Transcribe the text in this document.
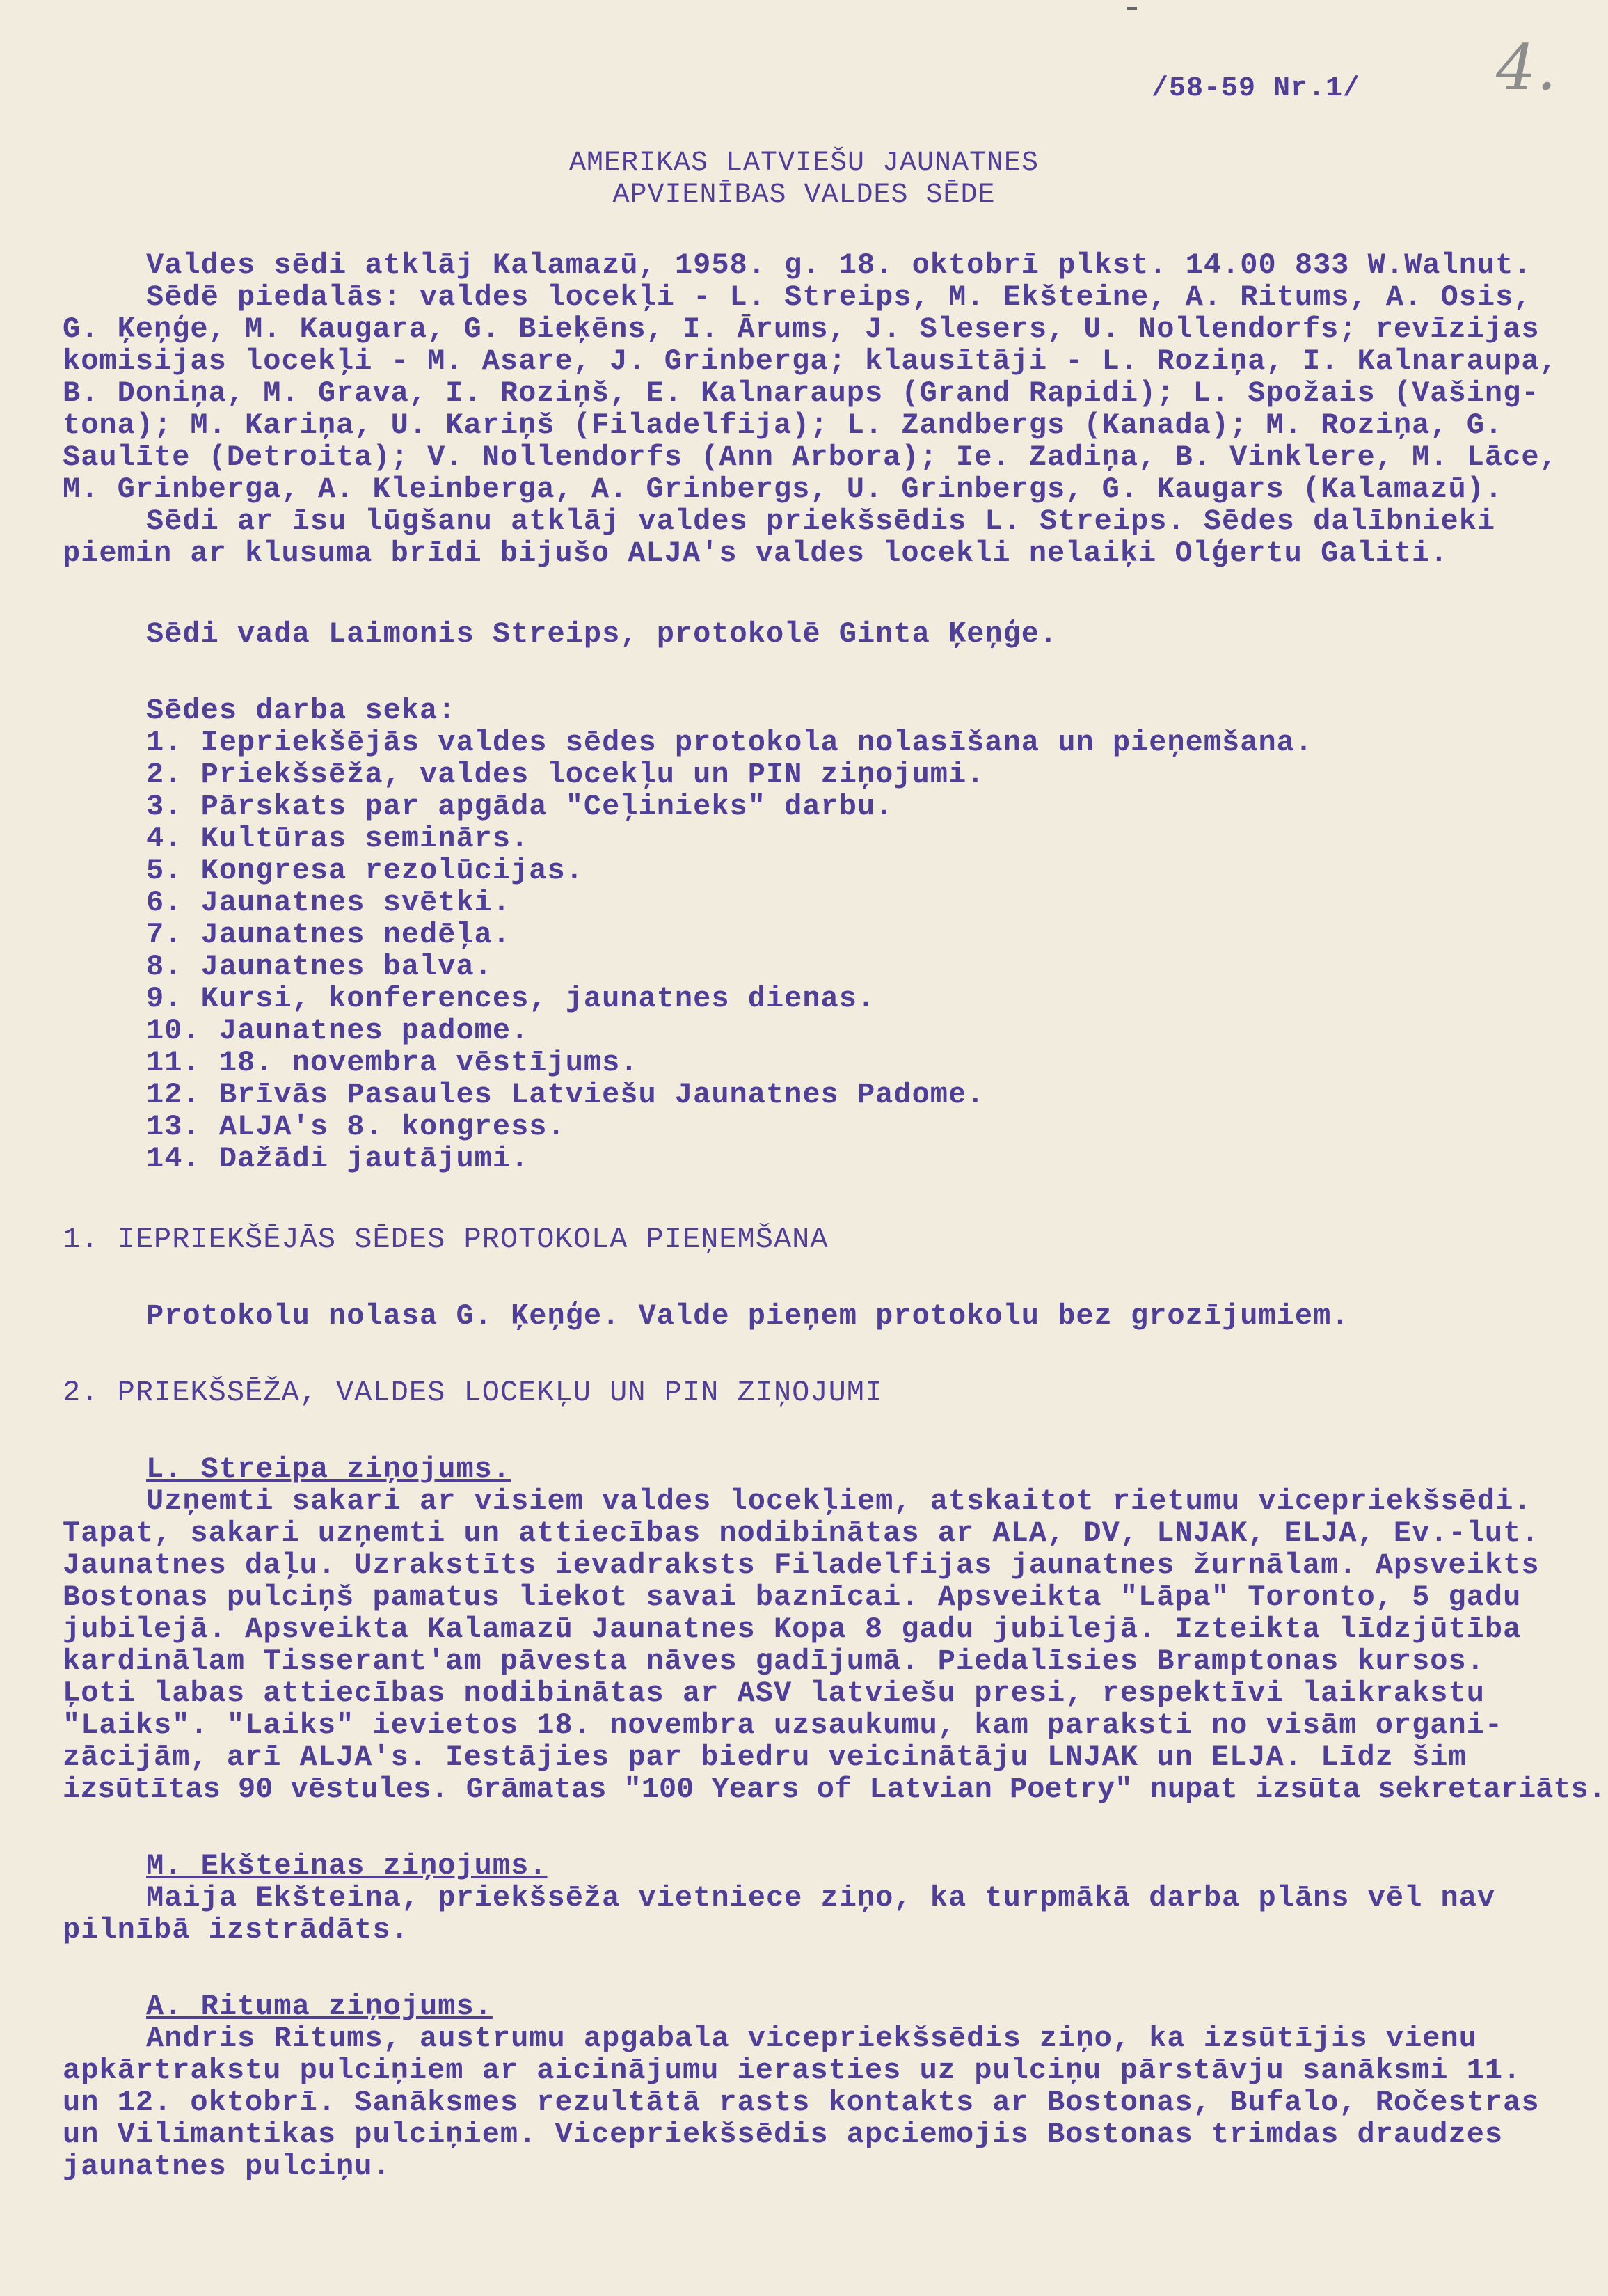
/58-59 Nr.1/ 4.
AMERIKAS LATVIEŠU JAUNATNES
APVIENĪBAS VALDES SĒDE
Valdes sēdi atklāj Kalamazū, 1958. g. 18. oktobrī plkst. 14.00 833 W.Walnut.
Sēdē piedalās: valdes locekļi - L. Streips, M. Ekšteine, A. Ritums, A. Osis,
G. Ķeņģe, M. Kaugara, G. Bieķēns, I. Ārums, J. Slesers, U. Nollendorfs; revīzijas
komisijas locekļi - M. Asare, J. Grinberga; klausītāji - L. Roziņa, I. Kalnaraupa,
B. Doniņa, M. Grava, I. Roziņš, E. Kalnaraups (Grand Rapidi); L. Spožais (Vašing-
tona); M. Kariņa, U. Kariņš (Filadelfija); L. Zandbergs (Kanada); M. Roziņa, G.
Saulīte (Detroita); V. Nollendorfs (Ann Arbora); Ie. Zadiņa, B. Vinklere, M. Lāce,
M. Grinberga, A. Kleinberga, A. Grinbergs, U. Grinbergs, G. Kaugars (Kalamazū).
Sēdi ar īsu lūgšanu atklāj valdes priekšsēdis L. Streips. Sēdes dalībnieki
piemin ar klusuma brīdi bijušo ALJA's valdes locekli nelaiķi Olģertu Galiti.
Sēdi vada Laimonis Streips, protokolē Ginta Ķeņģe.
Sēdes darba seka:
1. Iepriekšējās valdes sēdes protokola nolasīšana un pieņemšana.
2. Priekšsēža, valdes locekļu un PIN ziņojumi.
3. Pārskats par apgāda "Ceļinieks" darbu.
4. Kultūras seminārs.
5. Kongresa rezolūcijas.
6. Jaunatnes svētki.
7. Jaunatnes nedēļa.
8. Jaunatnes balva.
9. Kursi, konferences, jaunatnes dienas.
10. Jaunatnes padome.
11. 18. novembra vēstījums.
12. Brīvās Pasaules Latviešu Jaunatnes Padome.
13. ALJA's 8. kongress.
14. Dažādi jautājumi.
1. IEPRIEKŠĒJĀS SĒDES PROTOKOLA PIEŅEMŠANA
Protokolu nolasa G. Ķeņģe. Valde pieņem protokolu bez grozījumiem.
2. PRIEKŠSĒŽA, VALDES LOCEKĻU UN PIN ZIŅOJUMI
L. Streipa ziņojums.
Uzņemti sakari ar visiem valdes locekļiem, atskaitot rietumu vicepriekšsēdi.
Tapat, sakari uzņemti un attiecības nodibinātas ar ALA, DV, LNJAK, ELJA, Ev.-lut.
Jaunatnes daļu. Uzrakstīts ievadraksts Filadelfijas jaunatnes žurnālam. Apsveikts
Bostonas pulciņš pamatus liekot savai baznīcai. Apsveikta "Lāpa" Toronto, 5 gadu
jubilejā. Apsveikta Kalamazū Jaunatnes Kopa 8 gadu jubilejā. Izteikta līdzjūtība
kardinālam Tisserant'am pāvesta nāves gadījumā. Piedalīsies Bramptonas kursos.
Ļoti labas attiecības nodibinātas ar ASV latviešu presi, respektīvi laikrakstu
"Laiks". "Laiks" ievietos 18. novembra uzsaukumu, kam paraksti no visām organi-
zācijām, arī ALJA's. Iestājies par biedru veicinātāju LNJAK un ELJA. Līdz šim
izsūtītas 90 vēstules. Grāmatas "100 Years of Latvian Poetry" nupat izsūta sekretariāts.
M. Ekšteinas ziņojums.
Maija Ekšteina, priekšsēža vietniece ziņo, ka turpmākā darba plāns vēl nav
pilnībā izstrādāts.
A. Rituma ziņojums.
Andris Ritums, austrumu apgabala vicepriekšsēdis ziņo, ka izsūtījis vienu
apkārtrakstu pulciņiem ar aicinājumu ierasties uz pulciņu pārstāvju sanāksmi 11.
un 12. oktobrī. Sanāksmes rezultātā rasts kontakts ar Bostonas, Bufalo, Ročestras
un Vilimantikas pulciņiem. Vicepriekšsēdis apciemojis Bostonas trimdas draudzes
jaunatnes pulciņu.
